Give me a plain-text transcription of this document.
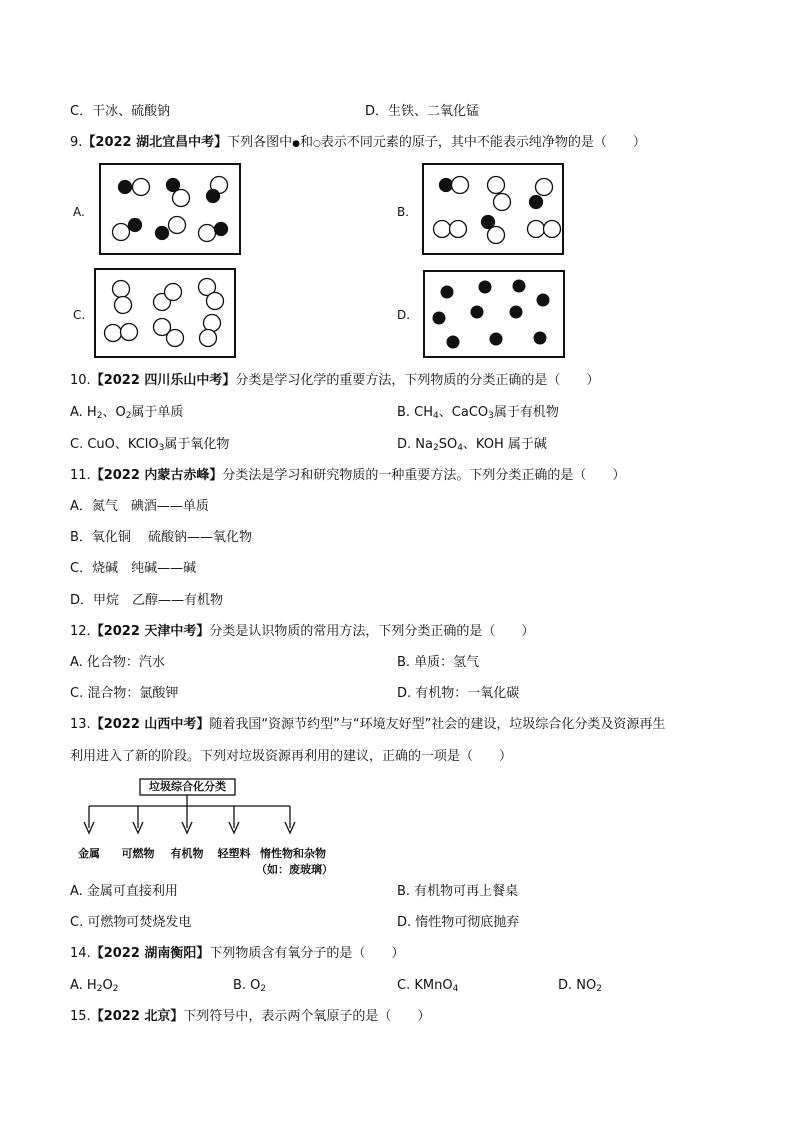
C．干冰、硫酸钠	D．生铁、二氧化锰
9.【2022 湖北宜昌中考】下列各图中●和○表示不同元素的原子，其中不能表示纯净物的是（　　）
A.	B.
C.	D.
10.【2022 四川乐山中考】分类是学习化学的重要方法，下列物质的分类正确的是（　　）
A. $H_2$、$O_2$属于单质	B. $CH_4$、CaCO$_3$属于有机物
C. CuO、KClO$_3$属于氧化物	D. $Na_2SO_4$、KOH 属于碱
11.【2022 内蒙古赤峰】分类法是学习和研究物质的一种重要方法。下列分类正确的是（　　）
A．氮气　碘酒——单质
B．氧化铜　 硫酸钠——氧化物
C．烧碱　纯碱——碱
D．甲烷　乙醇——有机物
12.【2022 天津中考】分类是认识物质的常用方法，下列分类正确的是（　　）
A. 化合物：汽水	B. 单质：氢气
C. 混合物：氯酸钾	D. 有机物：一氧化碳
13.【2022 山西中考】随着我国“资源节约型”与“环境友好型”社会的建设，垃圾综合化分类及资源再生
利用进入了新的阶段。下列对垃圾资源再利用的建议，正确的一项是（　　）
垃圾综合化分类
金属	可燃物	有机物	轻塑料 惰性物和杂物
（如：废玻璃）
A. 金属可直接利用	B. 有机物可再上餐桌
C. 可燃物可焚烧发电	D. 惰性物可彻底抛弃
14.【2022 湖南衡阳】下列物质含有氧分子的是（　　）
A. $H_2O_2$	B. $O_2$	C. KMnO$_4$	D. $NO_2$
15.【2022 北京】下列符号中，表示两个氧原子的是（　　）
